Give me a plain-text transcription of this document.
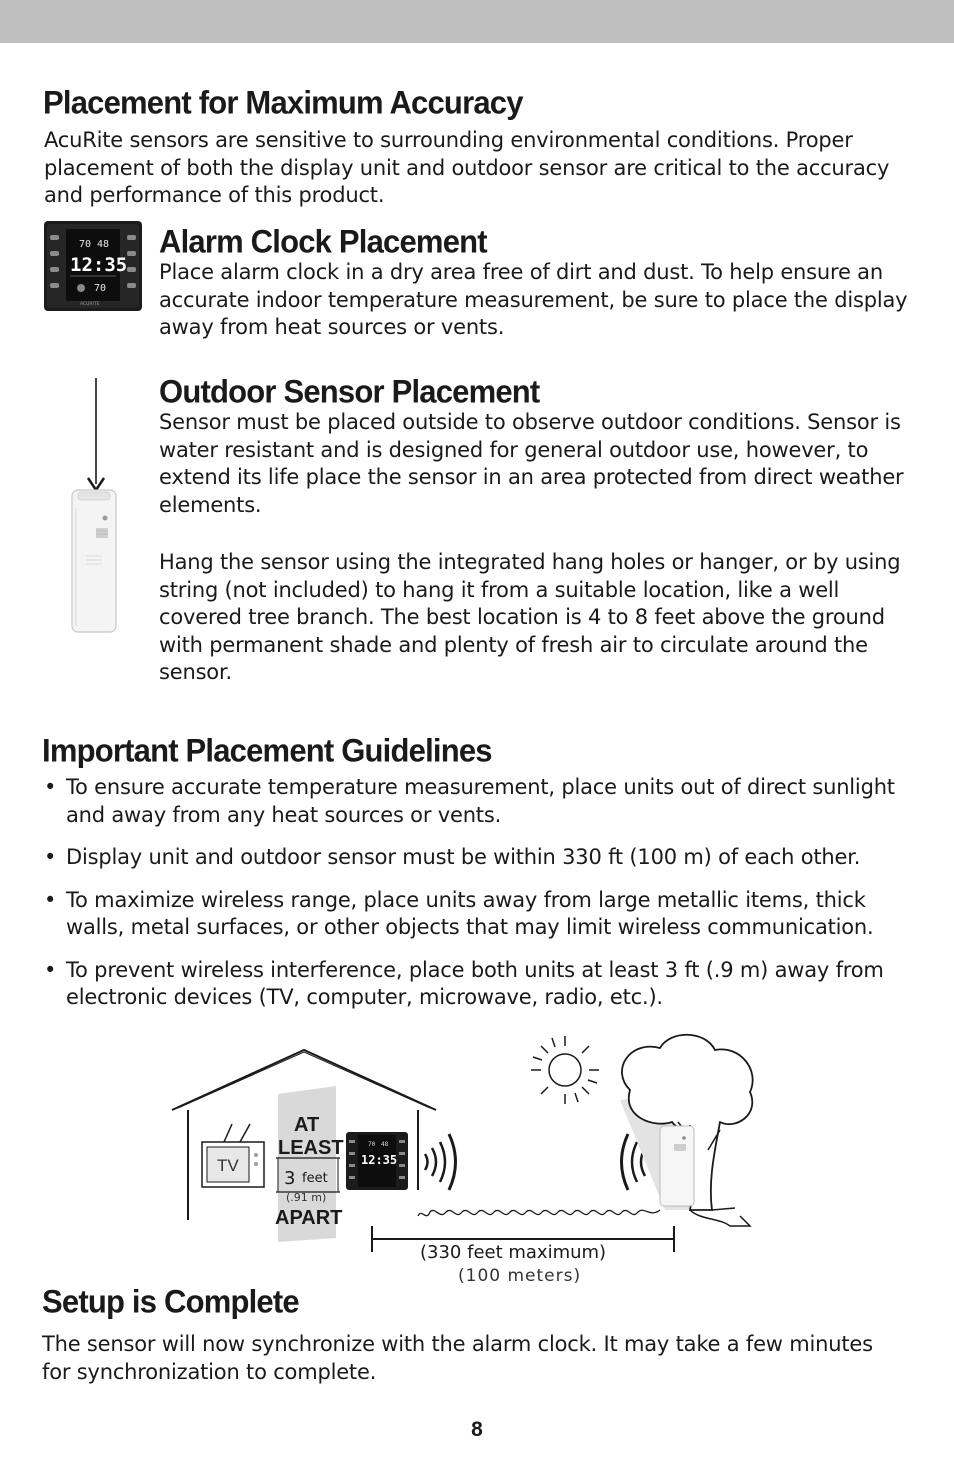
Placement for Maximum Accuracy

AcuRite sensors are sensitive to surrounding environmental conditions. Proper placement of both the display unit and outdoor sensor are critical to the accuracy and performance of this product.

70 48
12:35
70
ACURITE
Alarm Clock Placement

Place alarm clock in a dry area free of dirt and dust. To help ensure an accurate indoor temperature measurement, be sure to place the display away from heat sources or vents.

Outdoor Sensor Placement

Sensor must be placed outside to observe outdoor conditions. Sensor is water resistant and is designed for general outdoor use, however, to extend its life place the sensor in an area protected from direct weather elements.

Hang the sensor using the integrated hang holes or hanger, or by using string (not included) to hang it from a suitable location, like a well covered tree branch. The best location is 4 to 8 feet above the ground with permanent shade and plenty of fresh air to circulate around the sensor.

Important Placement Guidelines
• To ensure accurate temperature measurement, place units out of direct sunlight and away from any heat sources or vents.
• Display unit and outdoor sensor must be within 330 ft (100 m) of each other.
• To maximize wireless range, place units away from large metallic items, thick walls, metal surfaces, or other objects that may limit wireless communication.
• To prevent wireless interference, place both units at least 3 ft (.9 m) away from electronic devices (TV, computer, microwave, radio, etc.).
TV
AT
LEAST
3 feet
(.91 m)
APART
70 48
12:35
(330 feet maximum)
(100 meters)
Setup is Complete

The sensor will now synchronize with the alarm clock. It may take a few minutes for synchronization to complete.

8
